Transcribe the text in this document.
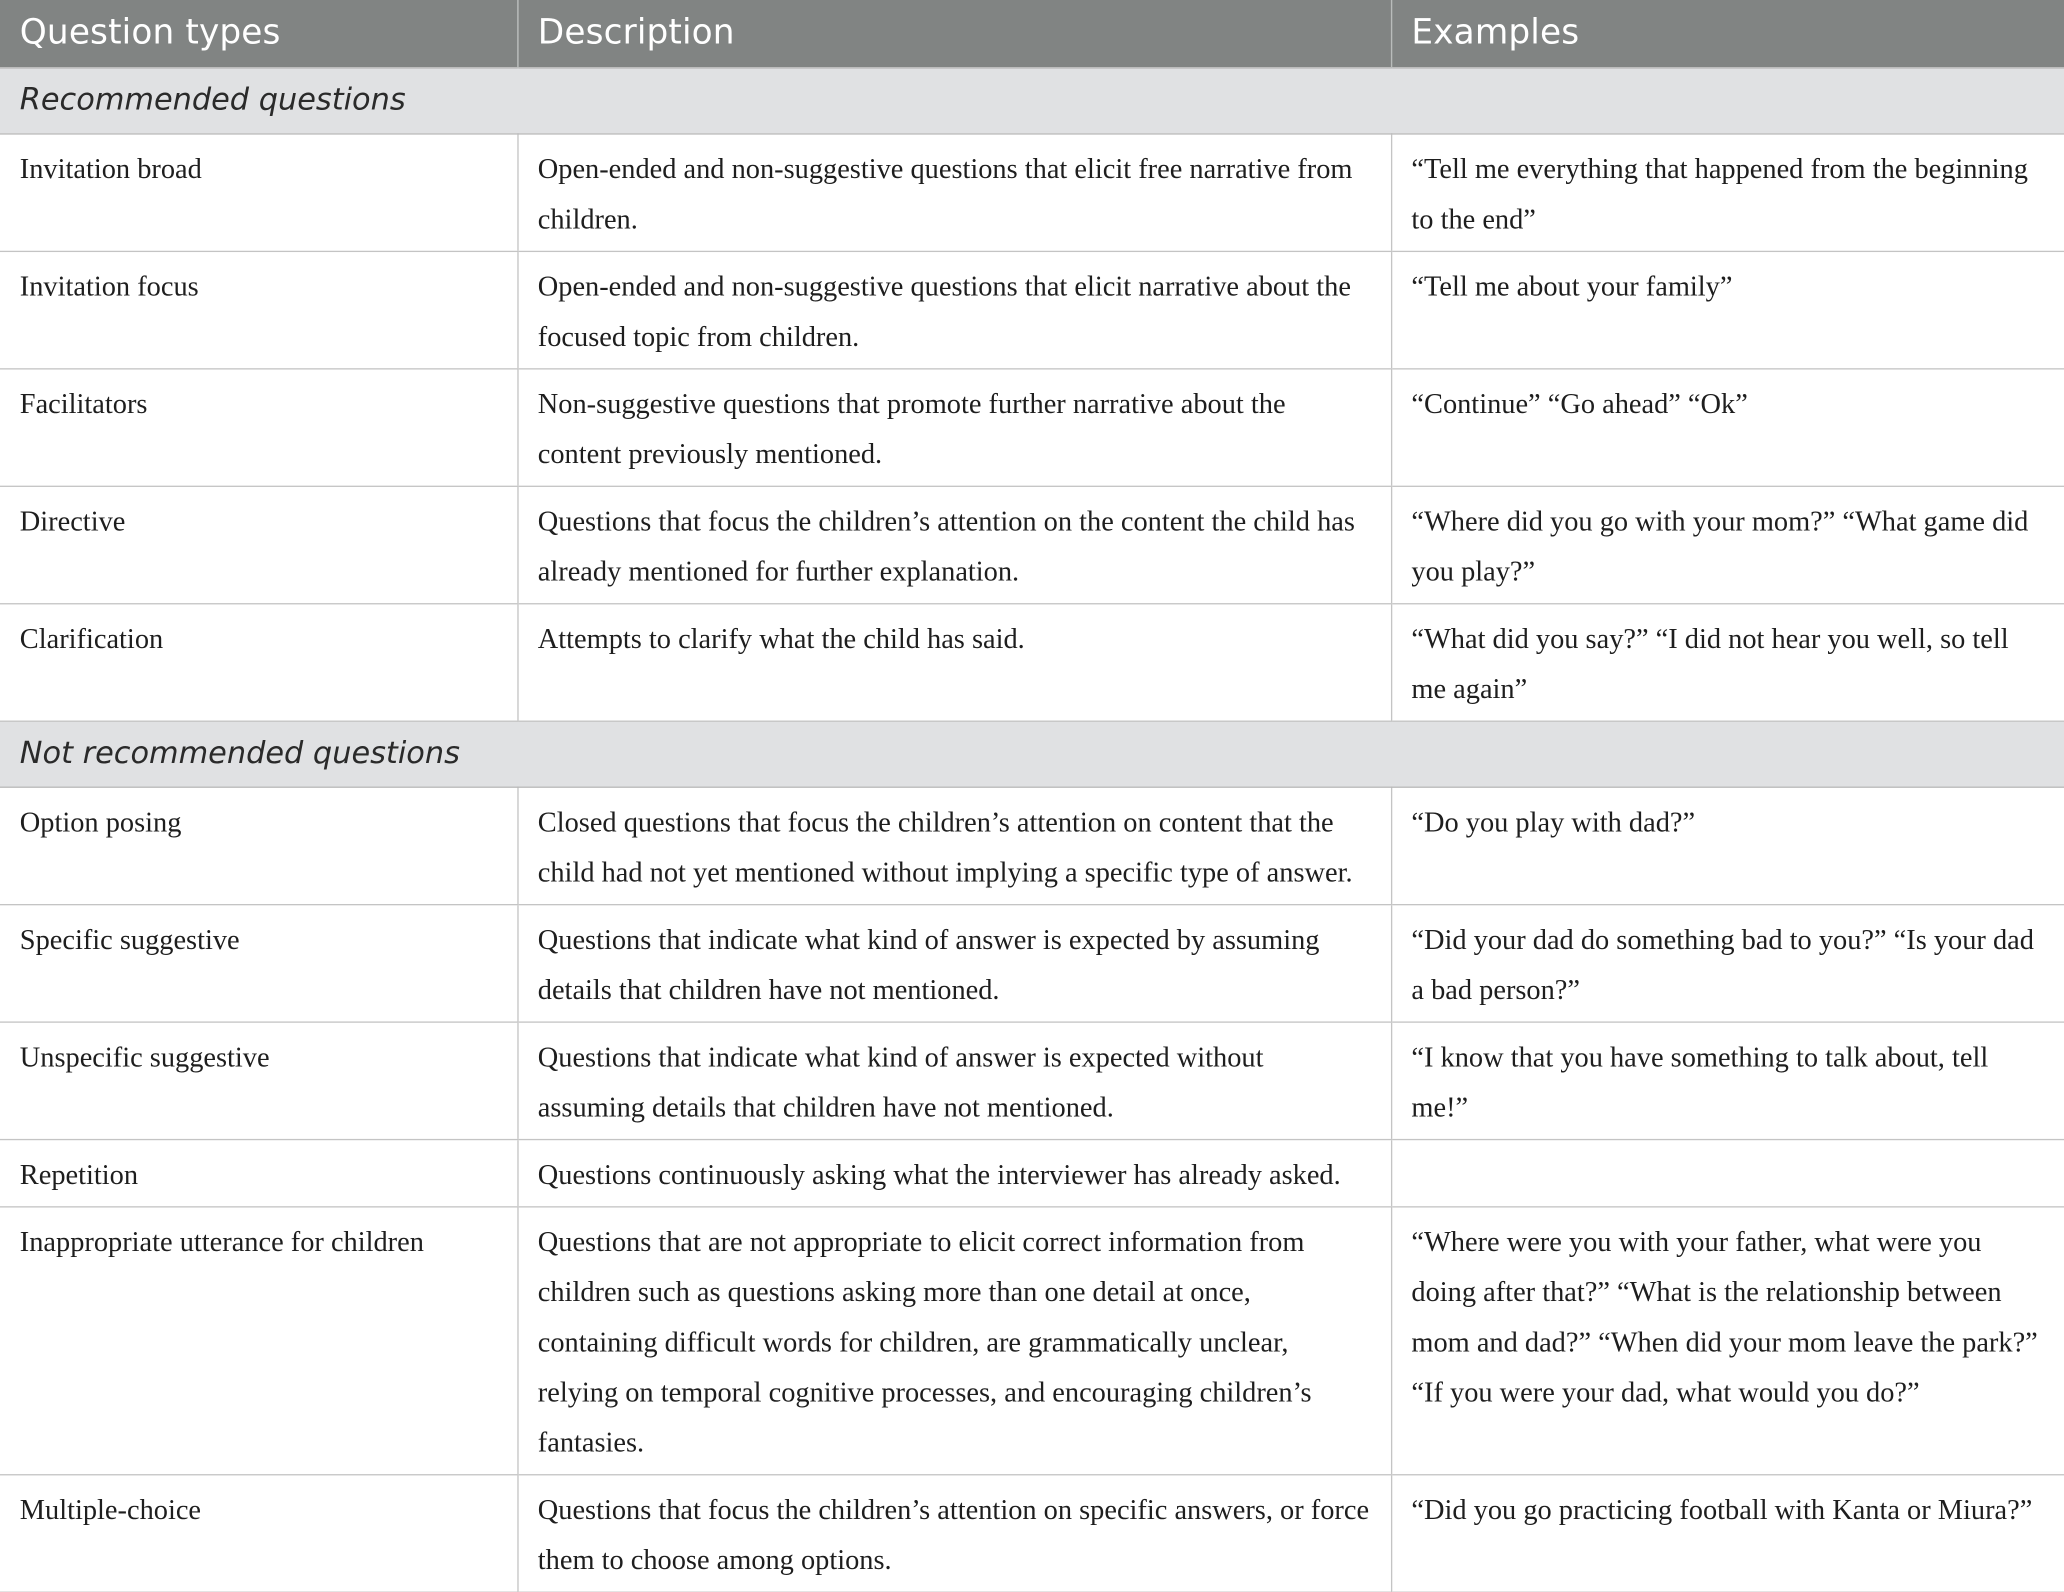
Question types	Description	Examples
Recommended questions		
Invitation broad	Open-ended and non-suggestive questions that elicit free narrative from children.	“Tell me everything that happened from the beginning to the end”
Invitation focus	Open-ended and non-suggestive questions that elicit narrative about the focused topic from children.	“Tell me about your family”
Facilitators	Non-suggestive questions that promote further narrative about the content previously mentioned.	“Continue” “Go ahead” “Ok”
Directive	Questions that focus the children’s attention on the content the child has already mentioned for further explanation.	“Where did you go with your mom?” “What game did you play?”
Clarification	Attempts to clarify what the child has said.	“What did you say?” “I did not hear you well, so tell me again”
Not recommended questions		
Option posing	Closed questions that focus the children’s attention on content that the child had not yet mentioned without implying a specific type of answer.	“Do you play with dad?”
Specific suggestive	Questions that indicate what kind of answer is expected by assuming details that children have not mentioned.	“Did your dad do something bad to you?” “Is your dad a bad person?”
Unspecific suggestive	Questions that indicate what kind of answer is expected without assuming details that children have not mentioned.	“I know that you have something to talk about, tell me!”
Repetition	Questions continuously asking what the interviewer has already asked.	
Inappropriate utterance for children	Questions that are not appropriate to elicit correct information from children such as questions asking more than one detail at once, containing difficult words for children, are grammatically unclear, relying on temporal cognitive processes, and encouraging children’s fantasies.	“Where were you with your father, what were you doing after that?” “What is the relationship between mom and dad?” “When did your mom leave the park?” “If you were your dad, what would you do?”
Multiple-choice	Questions that focus the children’s attention on specific answers, or force them to choose among options.	“Did you go practicing football with Kanta or Miura?”
